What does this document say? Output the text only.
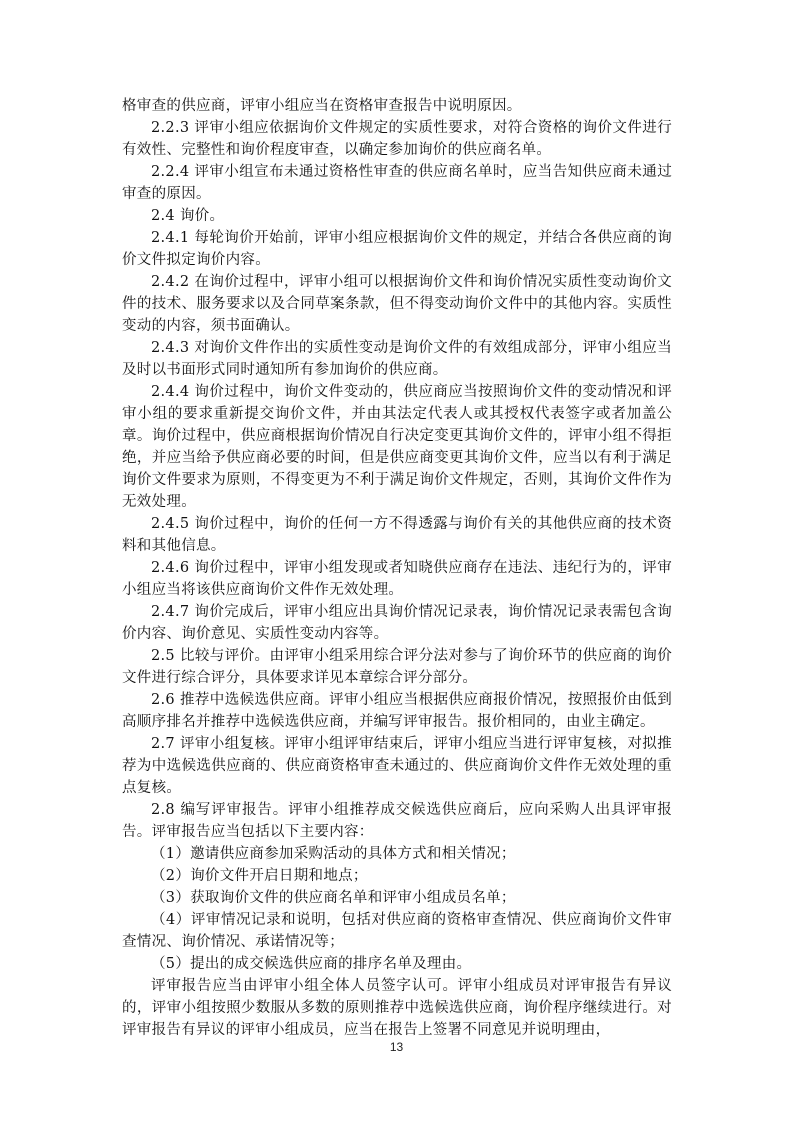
格审查的供应商，评审小组应当在资格审查报告中说明原因。

2.2.3 评审小组应依据询价文件规定的实质性要求，对符合资格的询价文件进行有效性、完整性和询价程度审查，以确定参加询价的供应商名单。

2.2.4 评审小组宣布未通过资格性审查的供应商名单时，应当告知供应商未通过审查的原因。

2.4 询价。

2.4.1 每轮询价开始前，评审小组应根据询价文件的规定，并结合各供应商的询价文件拟定询价内容。

2.4.2 在询价过程中，评审小组可以根据询价文件和询价情况实质性变动询价文件的技术、服务要求以及合同草案条款，但不得变动询价文件中的其他内容。实质性变动的内容，须书面确认。

2.4.3 对询价文件作出的实质性变动是询价文件的有效组成部分，评审小组应当及时以书面形式同时通知所有参加询价的供应商。

2.4.4 询价过程中，询价文件变动的，供应商应当按照询价文件的变动情况和评审小组的要求重新提交询价文件，并由其法定代表人或其授权代表签字或者加盖公章。询价过程中，供应商根据询价情况自行决定变更其询价文件的，评审小组不得拒绝，并应当给予供应商必要的时间，但是供应商变更其询价文件，应当以有利于满足询价文件要求为原则，不得变更为不利于满足询价文件规定，否则，其询价文件作为无效处理。

2.4.5 询价过程中，询价的任何一方不得透露与询价有关的其他供应商的技术资料和其他信息。

2.4.6 询价过程中，评审小组发现或者知晓供应商存在违法、违纪行为的，评审小组应当将该供应商询价文件作无效处理。

2.4.7 询价完成后，评审小组应出具询价情况记录表，询价情况记录表需包含询价内容、询价意见、实质性变动内容等。

2.5 比较与评价。由评审小组采用综合评分法对参与了询价环节的供应商的询价文件进行综合评分，具体要求详见本章综合评分部分。

2.6 推荐中选候选供应商。评审小组应当根据供应商报价情况，按照报价由低到高顺序排名并推荐中选候选供应商，并编写评审报告。报价相同的，由业主确定。

2.7 评审小组复核。评审小组评审结束后，评审小组应当进行评审复核，对拟推荐为中选候选供应商的、供应商资格审查未通过的、供应商询价文件作无效处理的重点复核。

2.8 编写评审报告。评审小组推荐成交候选供应商后，应向采购人出具评审报告。评审报告应当包括以下主要内容：

（1）邀请供应商参加采购活动的具体方式和相关情况；

（2）询价文件开启日期和地点；

（3）获取询价文件的供应商名单和评审小组成员名单；

（4）评审情况记录和说明，包括对供应商的资格审查情况、供应商询价文件审查情况、询价情况、承诺情况等；

（5）提出的成交候选供应商的排序名单及理由。

评审报告应当由评审小组全体人员签字认可。评审小组成员对评审报告有异议的，评审小组按照少数服从多数的原则推荐中选候选供应商，询价程序继续进行。对评审报告有异议的评审小组成员，应当在报告上签署不同意见并说明理由，

13
